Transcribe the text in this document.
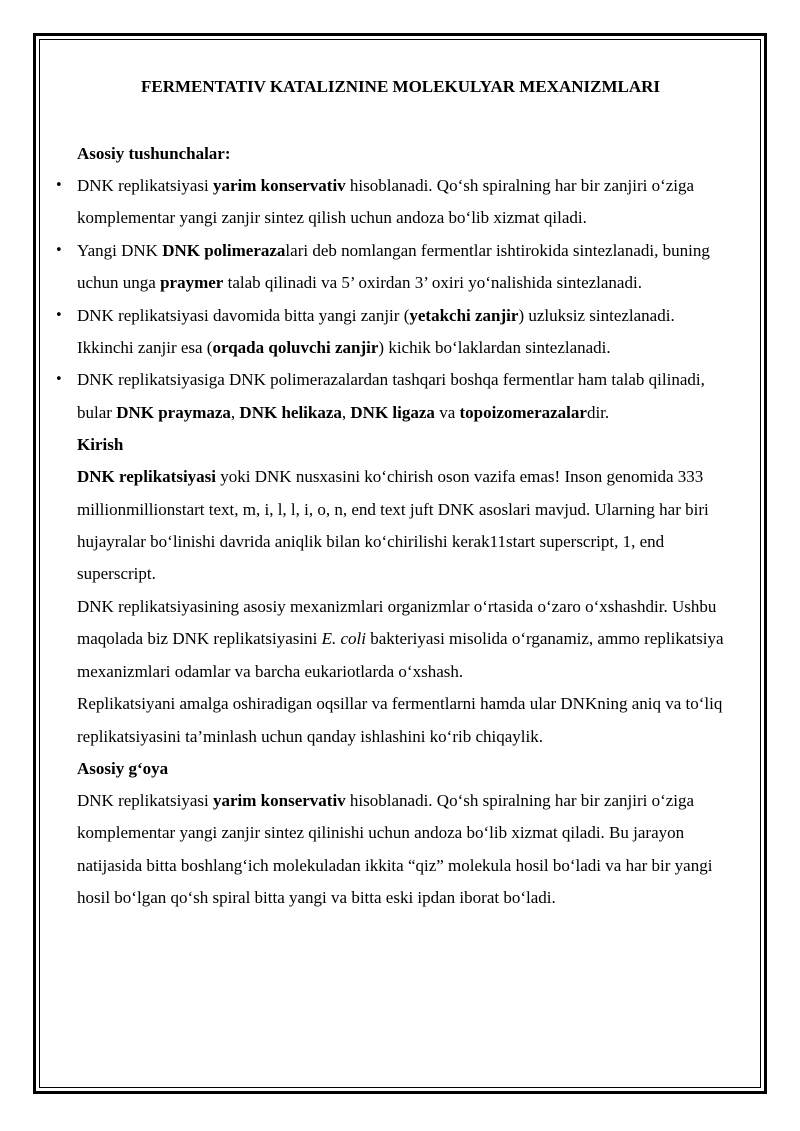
FERMENTATIV KATALIZNINE MOLEKULYAR MEXANIZMLARI

Asosiy tushunchalar:

• DNK replikatsiyasi yarim konservativ hisoblanadi. Qo‘sh spiralning har bir zanjiri o‘ziga komplementar yangi zanjir sintez qilish uchun andoza bo‘lib xizmat qiladi.
• Yangi DNK DNK polimerazalari deb nomlangan fermentlar ishtirokida sintezlanadi, buning uchun unga praymer talab qilinadi va 5’ oxirdan 3’ oxiri yo‘nalishida sintezlanadi.
• DNK replikatsiyasi davomida bitta yangi zanjir (yetakchi zanjir) uzluksiz sintezlanadi. Ikkinchi zanjir esa (orqada qoluvchi zanjir) kichik bo‘laklardan sintezlanadi.
• DNK replikatsiyasiga DNK polimerazalardan tashqari boshqa fermentlar ham talab qilinadi, bular DNK praymaza, DNK helikaza, DNK ligaza va topoizomerazalardir.

Kirish

DNK replikatsiyasi yoki DNK nusxasini ko‘chirish oson vazifa emas! Inson genomida 333 millionmillionstart text, m, i, l, l, i, o, n, end text juft DNK asoslari mavjud. Ularning har biri hujayralar bo‘linishi davrida aniqlik bilan ko‘chirilishi kerak11start superscript, 1, end superscript.

DNK replikatsiyasining asosiy mexanizmlari organizmlar o‘rtasida o‘zaro o‘xshashdir. Ushbu maqolada biz DNK replikatsiyasini E. coli bakteriyasi misolida o‘rganamiz, ammo replikatsiya mexanizmlari odamlar va barcha eukariotlarda o‘xshash.

Replikatsiyani amalga oshiradigan oqsillar va fermentlarni hamda ular DNKning aniq va to‘liq replikatsiyasini ta’minlash uchun qanday ishlashini ko‘rib chiqaylik.

Asosiy g‘oya

DNK replikatsiyasi yarim konservativ hisoblanadi. Qo‘sh spiralning har bir zanjiri o‘ziga komplementar yangi zanjir sintez qilinishi uchun andoza bo‘lib xizmat qiladi. Bu jarayon natijasida bitta boshlang‘ich molekuladan ikkita “qiz” molekula hosil bo‘ladi va har bir yangi hosil bo‘lgan qo‘sh spiral bitta yangi va bitta eski ipdan iborat bo‘ladi.
